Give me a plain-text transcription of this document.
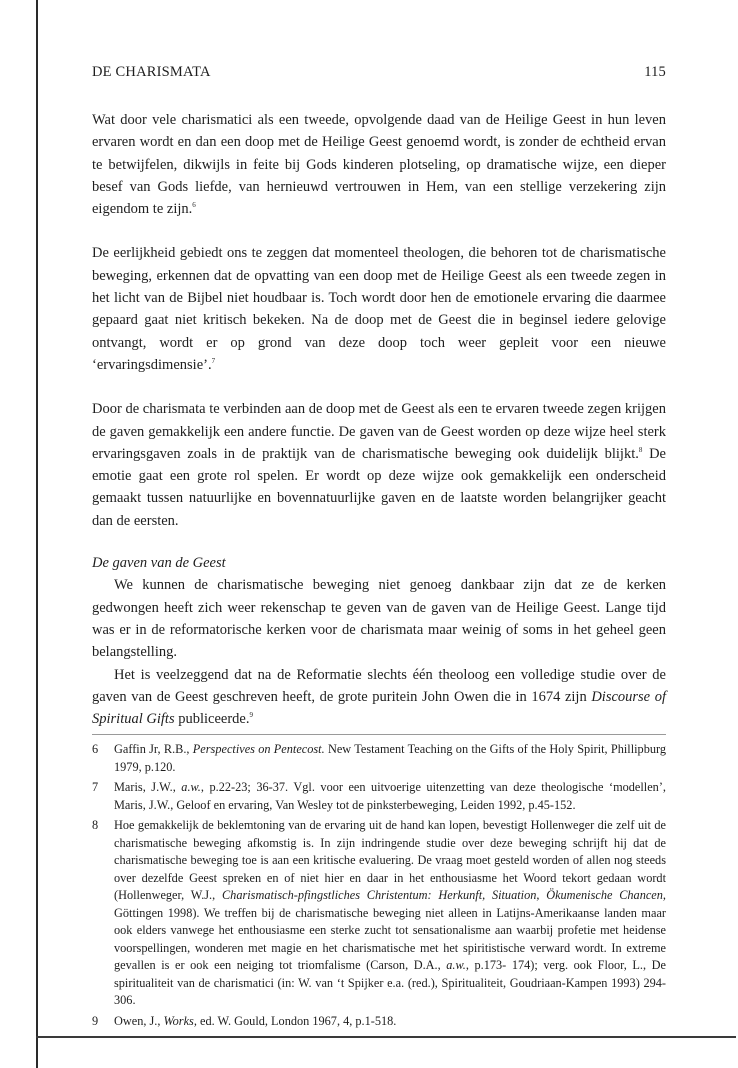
DE CHARISMATA	115

Wat door vele charismatici als een tweede, opvolgende daad van de Heilige Geest in hun leven ervaren wordt en dan een doop met de Heilige Geest genoemd wordt, is zonder de echtheid ervan te betwijfelen, dikwijls in feite bij Gods kinderen plotseling, op dramatische wijze, een dieper besef van Gods liefde, van hernieuwd vertrouwen in Hem, van een stellige verzekering zijn eigendom te zijn.$^6$

De eerlijkheid gebiedt ons te zeggen dat momenteel theologen, die behoren tot de charismatische beweging, erkennen dat de opvatting van een doop met de Heilige Geest als een tweede zegen in het licht van de Bijbel niet houdbaar is. Toch wordt door hen de emotionele ervaring die daarmee gepaard gaat niet kritisch bekeken. Na de doop met de Geest die in beginsel iedere gelovige ontvangt, wordt er op grond van deze doop toch weer gepleit voor een nieuwe ‘ervaringsdimensie’.$^7$

Door de charismata te verbinden aan de doop met de Geest als een te ervaren tweede zegen krijgen de gaven gemakkelijk een andere functie. De gaven van de Geest worden op deze wijze heel sterk ervaringsgaven zoals in de praktijk van de charismatische beweging ook duidelijk blijkt.$^8$ De emotie gaat een grote rol spelen. Er wordt op deze wijze ook gemakkelijk een onderscheid gemaakt tussen natuurlijke en bovennatuurlijke gaven en de laatste worden belangrijker geacht dan de eersten.

De gaven van de Geest

We kunnen de charismatische beweging niet genoeg dankbaar zijn dat ze de kerken gedwongen heeft zich weer rekenschap te geven van de gaven van de Heilige Geest. Lange tijd was er in de reformatorische kerken voor de charismata maar weinig of soms in het geheel geen belangstelling.

Het is veelzeggend dat na de Reformatie slechts één theoloog een volledige studie over de gaven van de Geest geschreven heeft, de grote puritein John Owen die in 1674 zijn Discourse of Spiritual Gifts publiceerde.$^9$

6	Gaffin Jr, R.B., Perspectives on Pentecost. New Testament Teaching on the Gifts of the Holy Spirit, Phillipburg 1979, p.120.
7	Maris, J.W., a.w., p.22-23; 36-37. Vgl. voor een uitvoerige uitenzetting van deze theologische ‘modellen’, Maris, J.W., Geloof en ervaring, Van Wesley tot de pinksterbeweging, Leiden 1992, p.45-152.
8	Hoe gemakkelijk de beklemtoning van de ervaring uit de hand kan lopen, bevestigt Hollenweger die zelf uit de charismatische beweging afkomstig is. In zijn indringende studie over deze beweging schrijft hij dat de charismatische beweging toe is aan een kritische evaluering. De vraag moet gesteld worden of allen nog steeds over dezelfde Geest spreken en of niet hier en daar in het enthousiasme het Woord tekort gedaan wordt (Hollenweger, W.J., Charismatisch-pfingstliches Christentum: Herkunft, Situation, Ökumenische Chancen, Göttingen 1998). We treffen bij de charismatische beweging niet alleen in Latijns-Amerikaanse landen maar ook elders vanwege het enthousiasme een sterke zucht tot sensationalisme aan waarbij profetie met heidense voorspellingen, wonderen met magie en het charismatische met het spiritistische verward wordt. In extreme gevallen is er ook een neiging tot triomfalisme (Carson, D.A., a.w., p.173- 174); verg. ook Floor, L., De spiritualiteit van de charismatici (in: W. van ‘t Spijker e.a. (red.), Spiritualiteit, Goudriaan-Kampen 1993) 294-306.
9	Owen, J., Works, ed. W. Gould, London 1967, 4, p.1-518.
